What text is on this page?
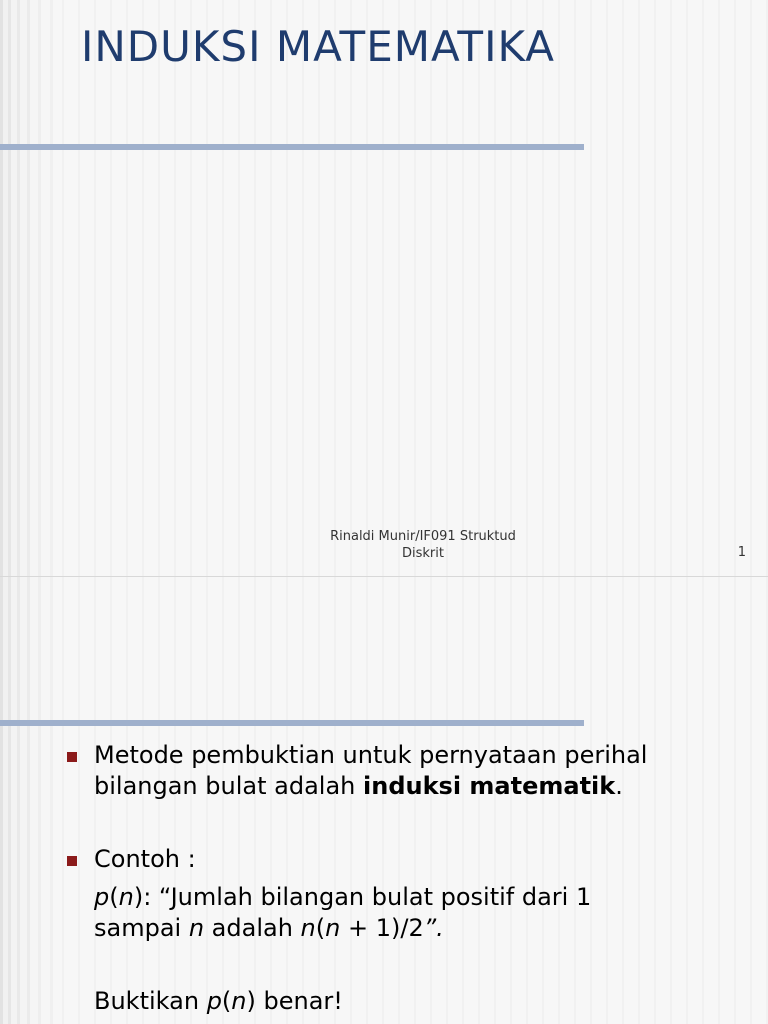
INDUKSI MATEMATIKA
Rinaldi Munir/IF091 Struktud
Diskrit	1

Metode pembuktian untuk pernyataan perihal

bilangan bulat adalah induksi matematik.

Contoh :

p(n): “Jumlah bilangan bulat positif dari 1

sampai n adalah n(n + 1)/2”.

Buktikan p(n) benar!
